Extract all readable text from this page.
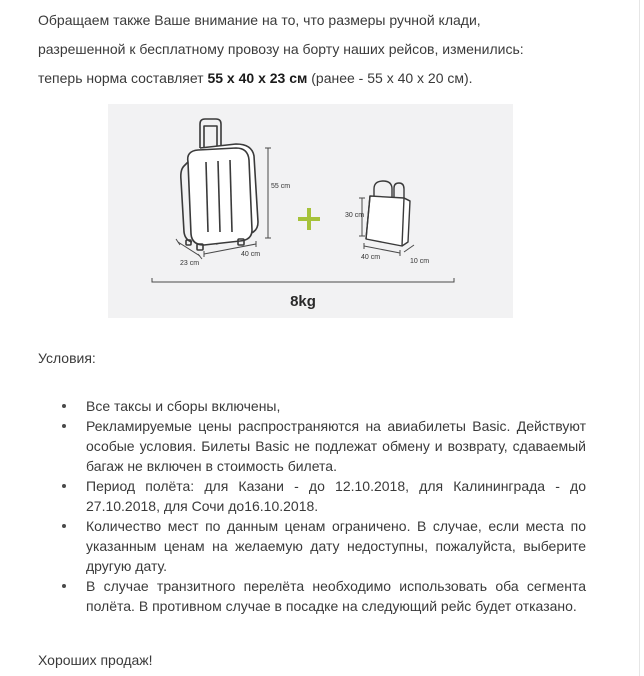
Обращаем также Ваше внимание на то, что размеры ручной клади,

разрешенной к бесплатному провозу на борту наших рейсов, изменились:

теперь норма составляет 55 x 40 x 23 см (ранее - 55 х 40 х 20 см).

55 cm
40 cm
23 cm
30 cm
40 cm
10 cm
8kg
Условия:
Все таксы и сборы включены,
Рекламируемые цены распространяются на авиабилеты Basic. Действуют особые условия. Билеты Basic не подлежат обмену и возврату, сдаваемый багаж не включен в стоимость билета.
Период полёта: для Казани - до 12.10.2018, для Калининграда - до 27.10.2018, для Сочи до16.10.2018.
Количество мест по данным ценам ограничено. В случае, если места по указанным ценам на желаемую дату недоступны, пожалуйста, выберите другую дату.
В случае транзитного перелёта необходимо использовать оба сегмента полёта. В противном случае в посадке на следующий рейс будет отказано.
Хороших продаж!
